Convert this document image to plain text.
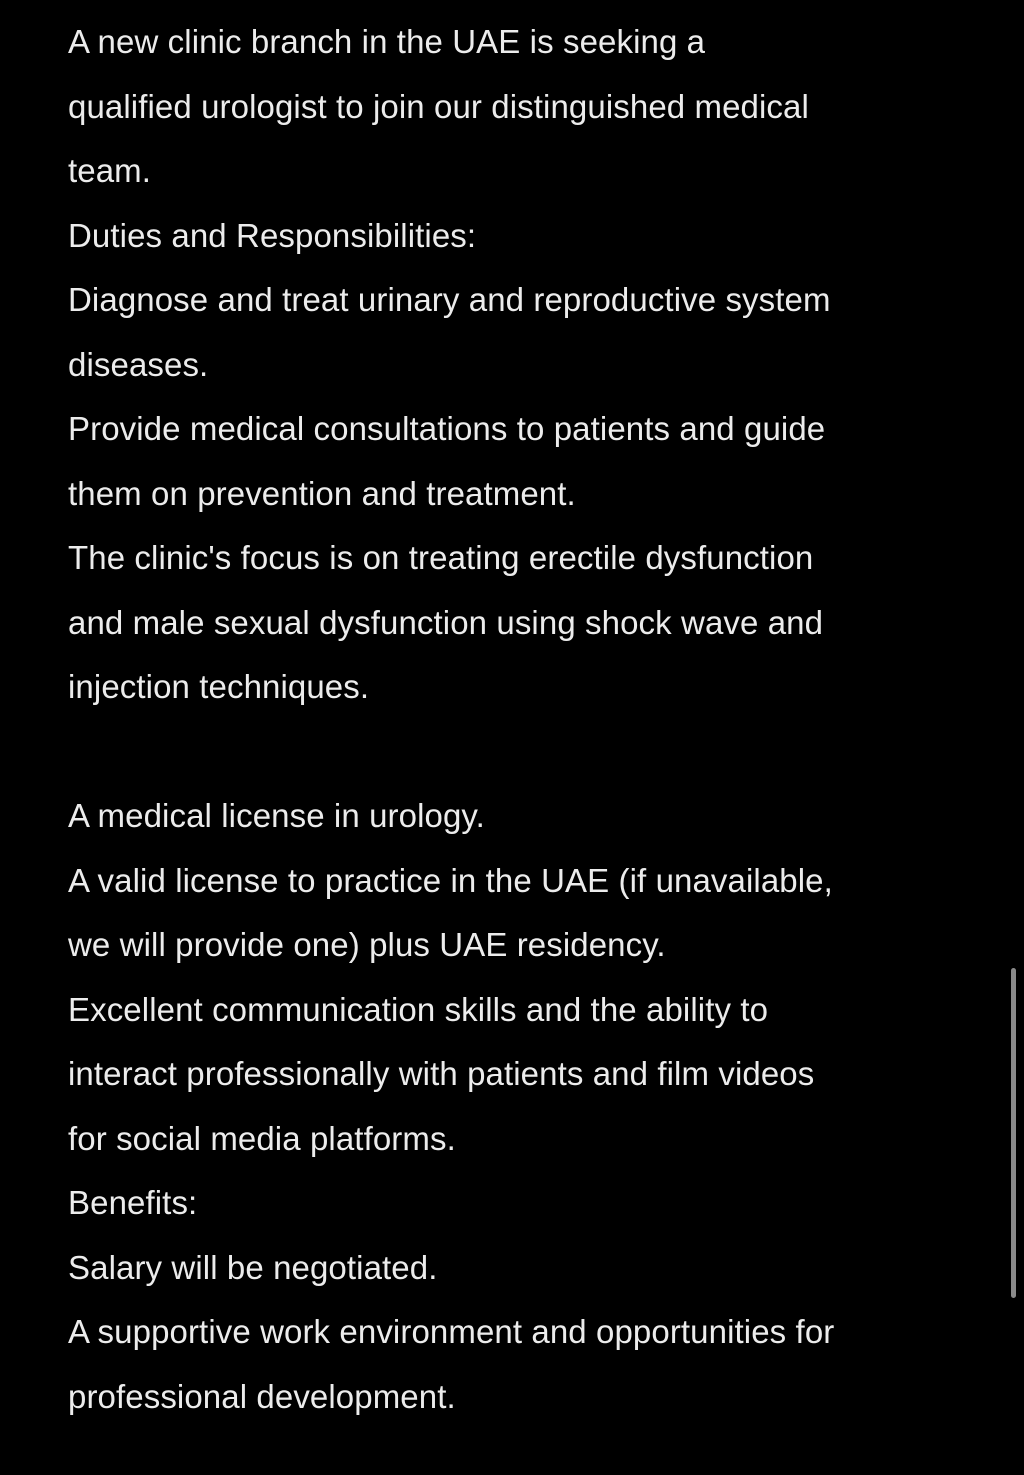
A new clinic branch in the UAE is seeking a
qualified urologist to join our distinguished medical
team.
Duties and Responsibilities:
Diagnose and treat urinary and reproductive system
diseases.
Provide medical consultations to patients and guide
them on prevention and treatment.
The clinic's focus is on treating erectile dysfunction
and male sexual dysfunction using shock wave and
injection techniques.
A medical license in urology.
A valid license to practice in the UAE (if unavailable,
we will provide one) plus UAE residency.
Excellent communication skills and the ability to
interact professionally with patients and film videos
for social media platforms.
Benefits:
Salary will be negotiated.
A supportive work environment and opportunities for
professional development.
